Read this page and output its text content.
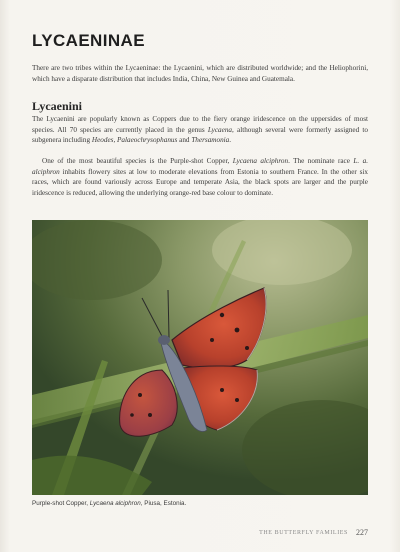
LYCAENINAE

There are two tribes within the Lycaeninae: the Lycaenini, which are distributed worldwide; and the Heliophorini, which have a disparate distribution that includes India, China, New Guinea and Guatemala.

Lycaenini

The Lycaenini are popularly known as Coppers due to the fiery orange iridescence on the uppersides of most species. All 70 species are currently placed in the genus Lycaena, although several were formerly assigned to subgenera including Heodes, Palaeochrysophanus and Thersamonia.

One of the most beautiful species is the Purple-shot Copper, Lycaena alciphron. The nominate race L. a. alciphron inhabits flowery sites at low to moderate elevations from Estonia to southern France. In the other six races, which are found variously across Europe and temperate Asia, the black spots are larger and the purple iridescence is reduced, allowing the underlying orange-red base colour to dominate.

Purple-shot Copper, Lycaena alciphron, Piusa, Estonia.

THE BUTTERFLY FAMILIES 227
